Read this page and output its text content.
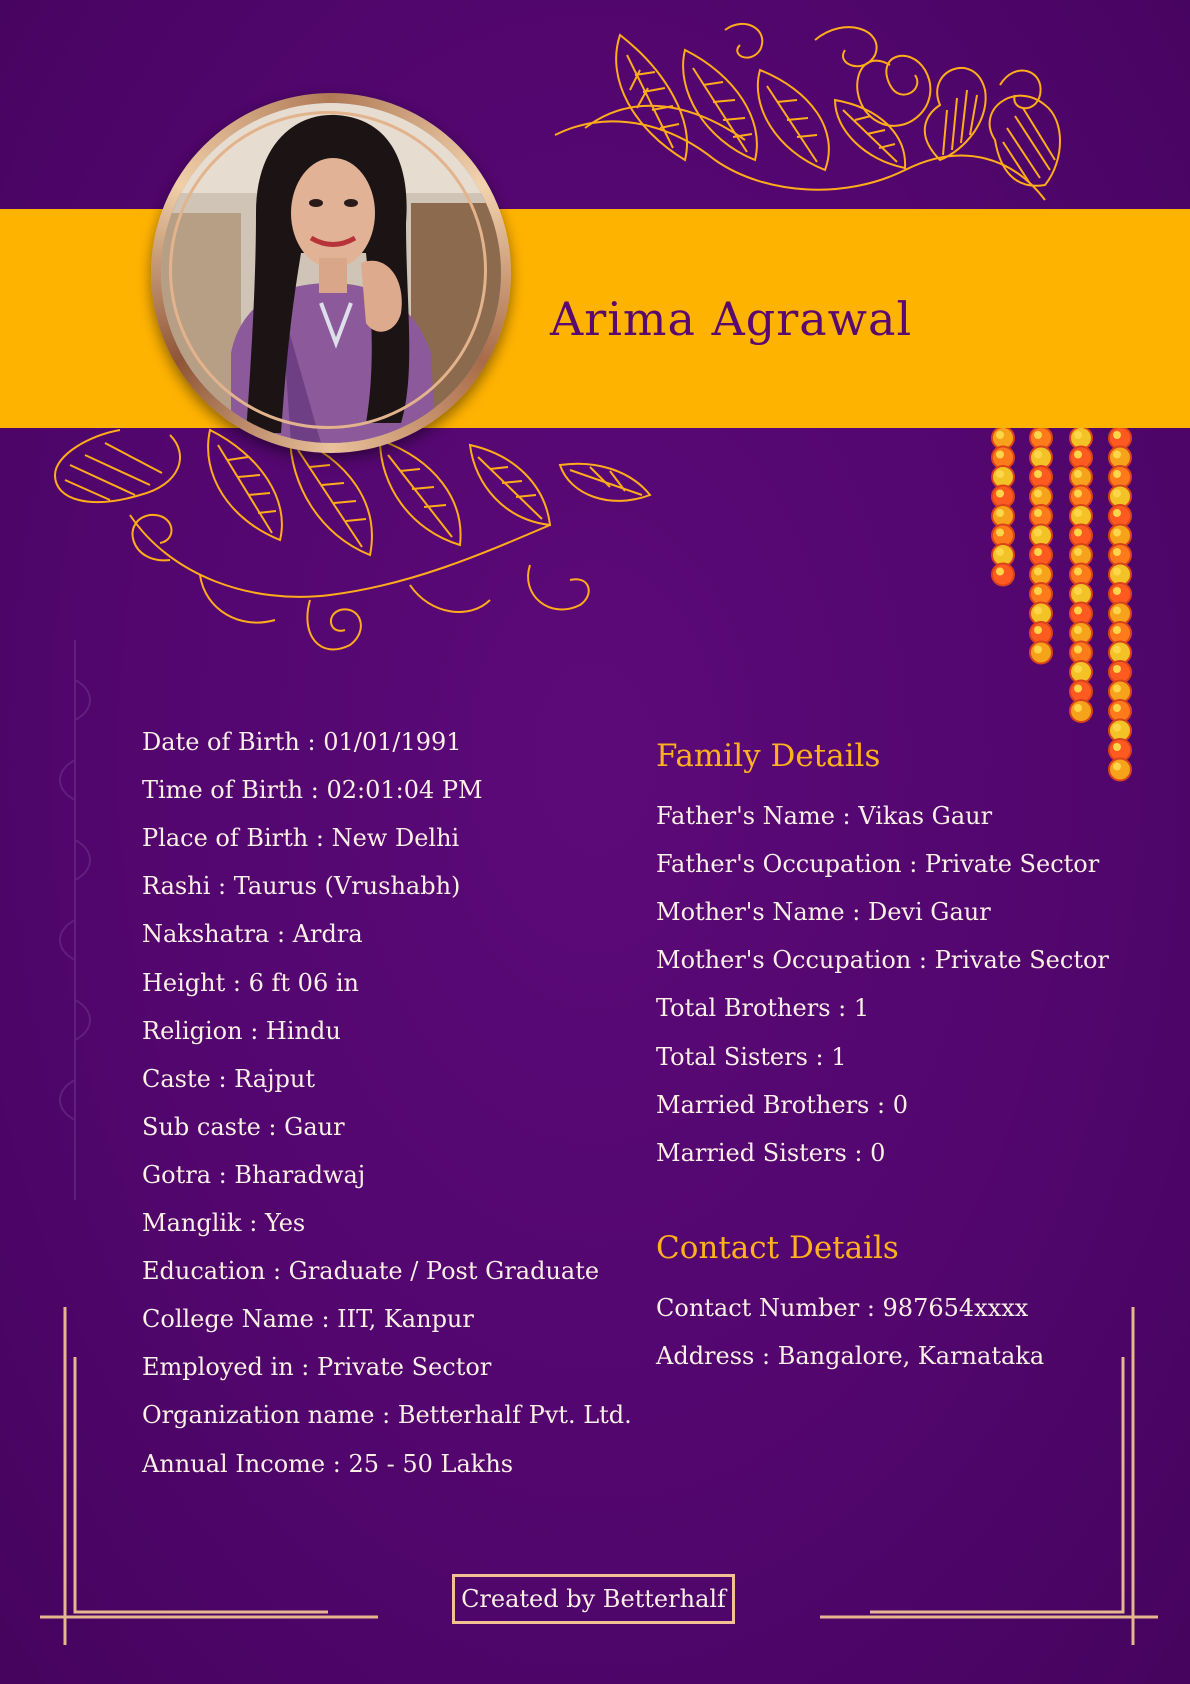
Arima Agrawal
Date of Birth : 01/01/1991
Time of Birth : 02:01:04 PM
Place of Birth : New Delhi
Rashi : Taurus (Vrushabh)
Nakshatra : Ardra
Height : 6 ft 06 in
Religion : Hindu
Caste : Rajput
Sub caste : Gaur
Gotra : Bharadwaj
Manglik : Yes
Education : Graduate / Post Graduate
College Name : IIT, Kanpur
Employed in : Private Sector
Organization name : Betterhalf Pvt. Ltd.
Annual Income : 25 - 50 Lakhs
Family Details
Father's Name : Vikas Gaur
Father's Occupation : Private Sector
Mother's Name : Devi Gaur
Mother's Occupation : Private Sector
Total Brothers : 1
Total Sisters : 1
Married Brothers : 0
Married Sisters : 0
Contact Details
Contact Number : 987654xxxx
Address : Bangalore, Karnataka
Created by Betterhalf
